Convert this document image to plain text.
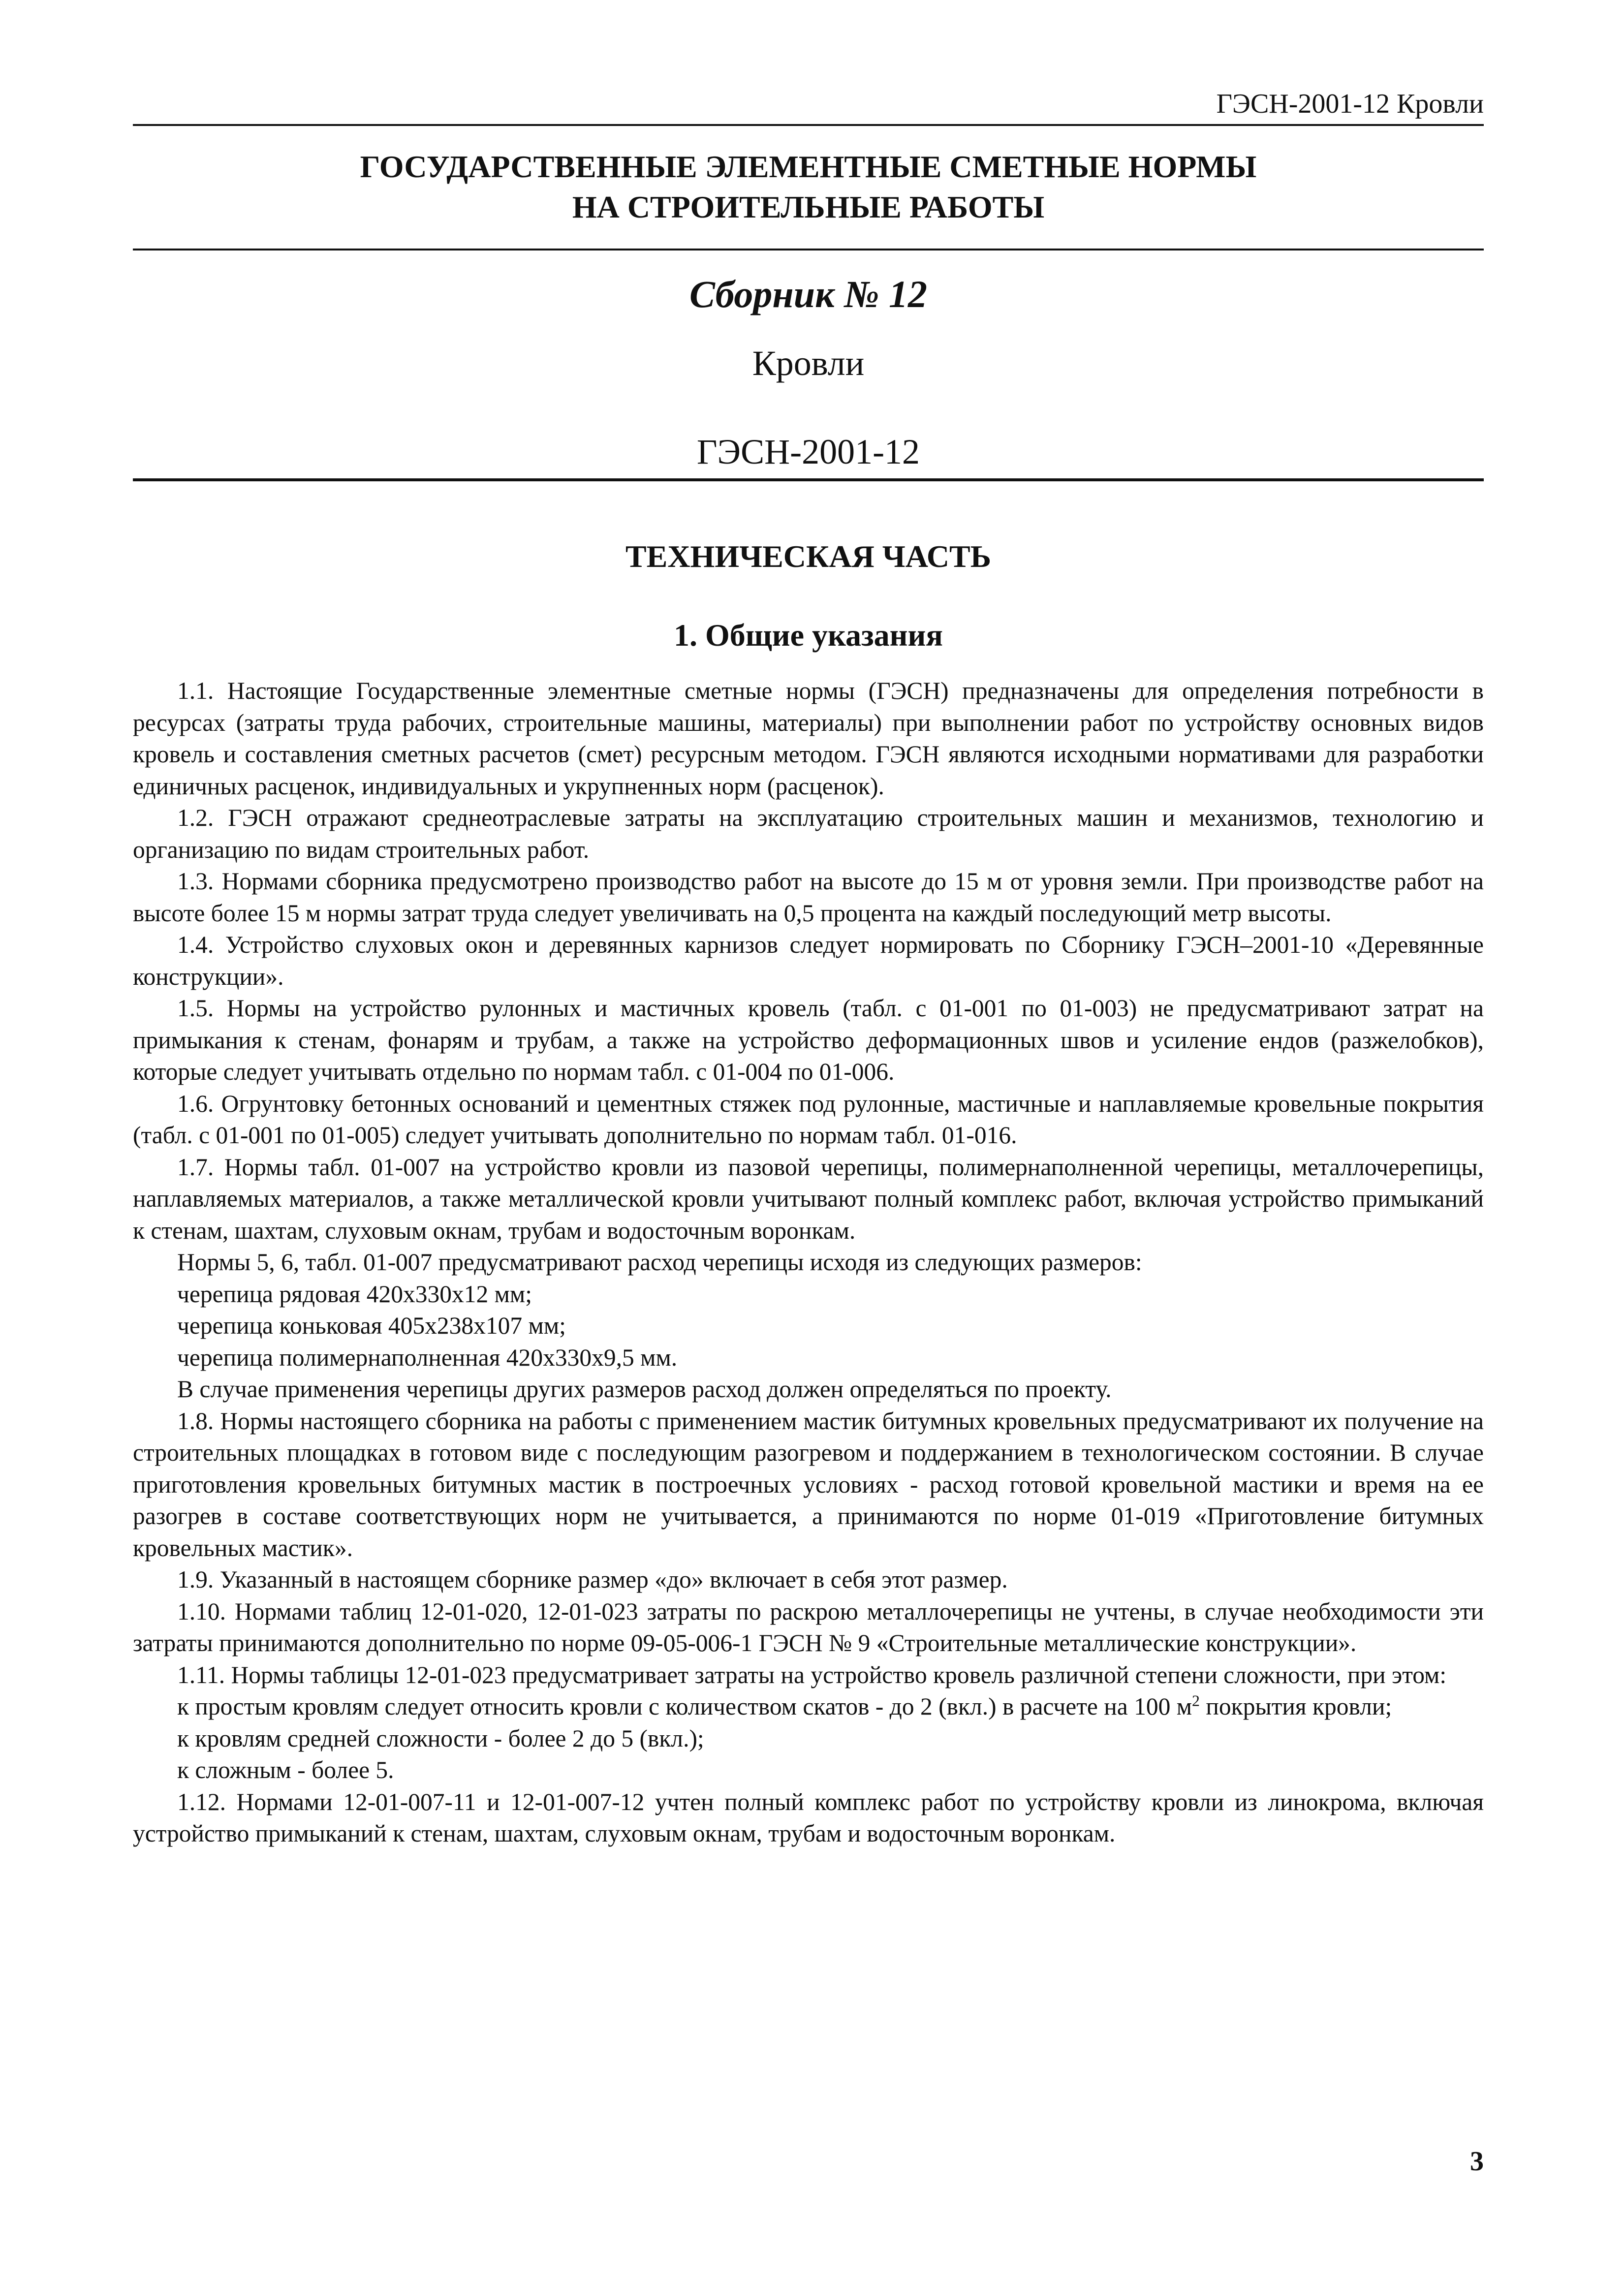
ГЭСН-2001-12 Кровли
ГОСУДАРСТВЕННЫЕ ЭЛЕМЕНТНЫЕ СМЕТНЫЕ НОРМЫ
НА СТРОИТЕЛЬНЫЕ РАБОТЫ
Сборник № 12
Кровли
ГЭСН-2001-12
ТЕХНИЧЕСКАЯ ЧАСТЬ
1. Общие указания

1.1. Настоящие Государственные элементные сметные нормы (ГЭСН) предназначены для определения потребности в ресурсах (затраты труда рабочих, строительные машины, материалы) при выполнении работ по устройству основных видов кровель и составления сметных расчетов (смет) ресурсным методом. ГЭСН являются исходными нормативами для разработки единичных расценок, индивидуальных и укрупненных норм (расценок).

1.2. ГЭСН отражают среднеотраслевые затраты на эксплуатацию строительных машин и механизмов, технологию и организацию по видам строительных работ.

1.3. Нормами сборника предусмотрено производство работ на высоте до 15 м от уровня земли. При производстве работ на высоте более 15 м нормы затрат труда следует увеличивать на 0,5 процента на каждый последующий метр высоты.

1.4. Устройство слуховых окон и деревянных карнизов следует нормировать по Сборнику ГЭСН–2001-10 «Деревянные конструкции».

1.5. Нормы на устройство рулонных и мастичных кровель (табл. с 01-001 по 01-003) не предусматривают затрат на примыкания к стенам, фонарям и трубам, а также на устройство деформационных швов и усиление ендов (разжелобков), которые следует учитывать отдельно по нормам табл. с 01-004 по 01-006.

1.6. Огрунтовку бетонных оснований и цементных стяжек под рулонные, мастичные и наплавляемые кровельные покрытия (табл. с 01-001 по 01-005) следует учитывать дополнительно по нормам табл. 01-016.

1.7. Нормы табл. 01-007 на устройство кровли из пазовой черепицы, полимернаполненной черепицы, металлочерепицы, наплавляемых материалов, а также металлической кровли учитывают полный комплекс работ, включая устройство примыканий к стенам, шахтам, слуховым окнам, трубам и водосточным воронкам.

Нормы 5, 6, табл. 01-007 предусматривают расход черепицы исходя из следующих размеров:

черепица рядовая 420x330x12 мм;

черепица коньковая 405x238x107 мм;

черепица полимернаполненная 420x330x9,5 мм.

В случае применения черепицы других размеров расход должен определяться по проекту.

1.8. Нормы настоящего сборника на работы с применением мастик битумных кровельных предусматривают их получение на строительных площадках в готовом виде с последующим разогревом и поддержанием в технологическом состоянии. В случае приготовления кровельных битумных мастик в построечных условиях - расход готовой кровельной мастики и время на ее разогрев в составе соответствующих норм не учитывается, а принимаются по норме 01-019 «Приготовление битумных кровельных мастик».

1.9. Указанный в настоящем сборнике размер «до» включает в себя этот размер.

1.10. Нормами таблиц 12-01-020, 12-01-023 затраты по раскрою металлочерепицы не учтены, в случае необходимости эти затраты принимаются дополнительно по норме 09-05-006-1 ГЭСН № 9 «Строительные металлические конструкции».

1.11. Нормы таблицы 12-01-023 предусматривает затраты на устройство кровель различной степени сложности, при этом:

к простым кровлям следует относить кровли с количеством скатов - до 2 (вкл.) в расчете на 100 $м^2$ покрытия кровли;

к кровлям средней сложности - более 2 до 5 (вкл.);

к сложным - более 5.

1.12. Нормами 12-01-007-11 и 12-01-007-12 учтен полный комплекс работ по устройству кровли из линокрома, включая устройство примыканий к стенам, шахтам, слуховым окнам, трубам и водосточным воронкам.

3
